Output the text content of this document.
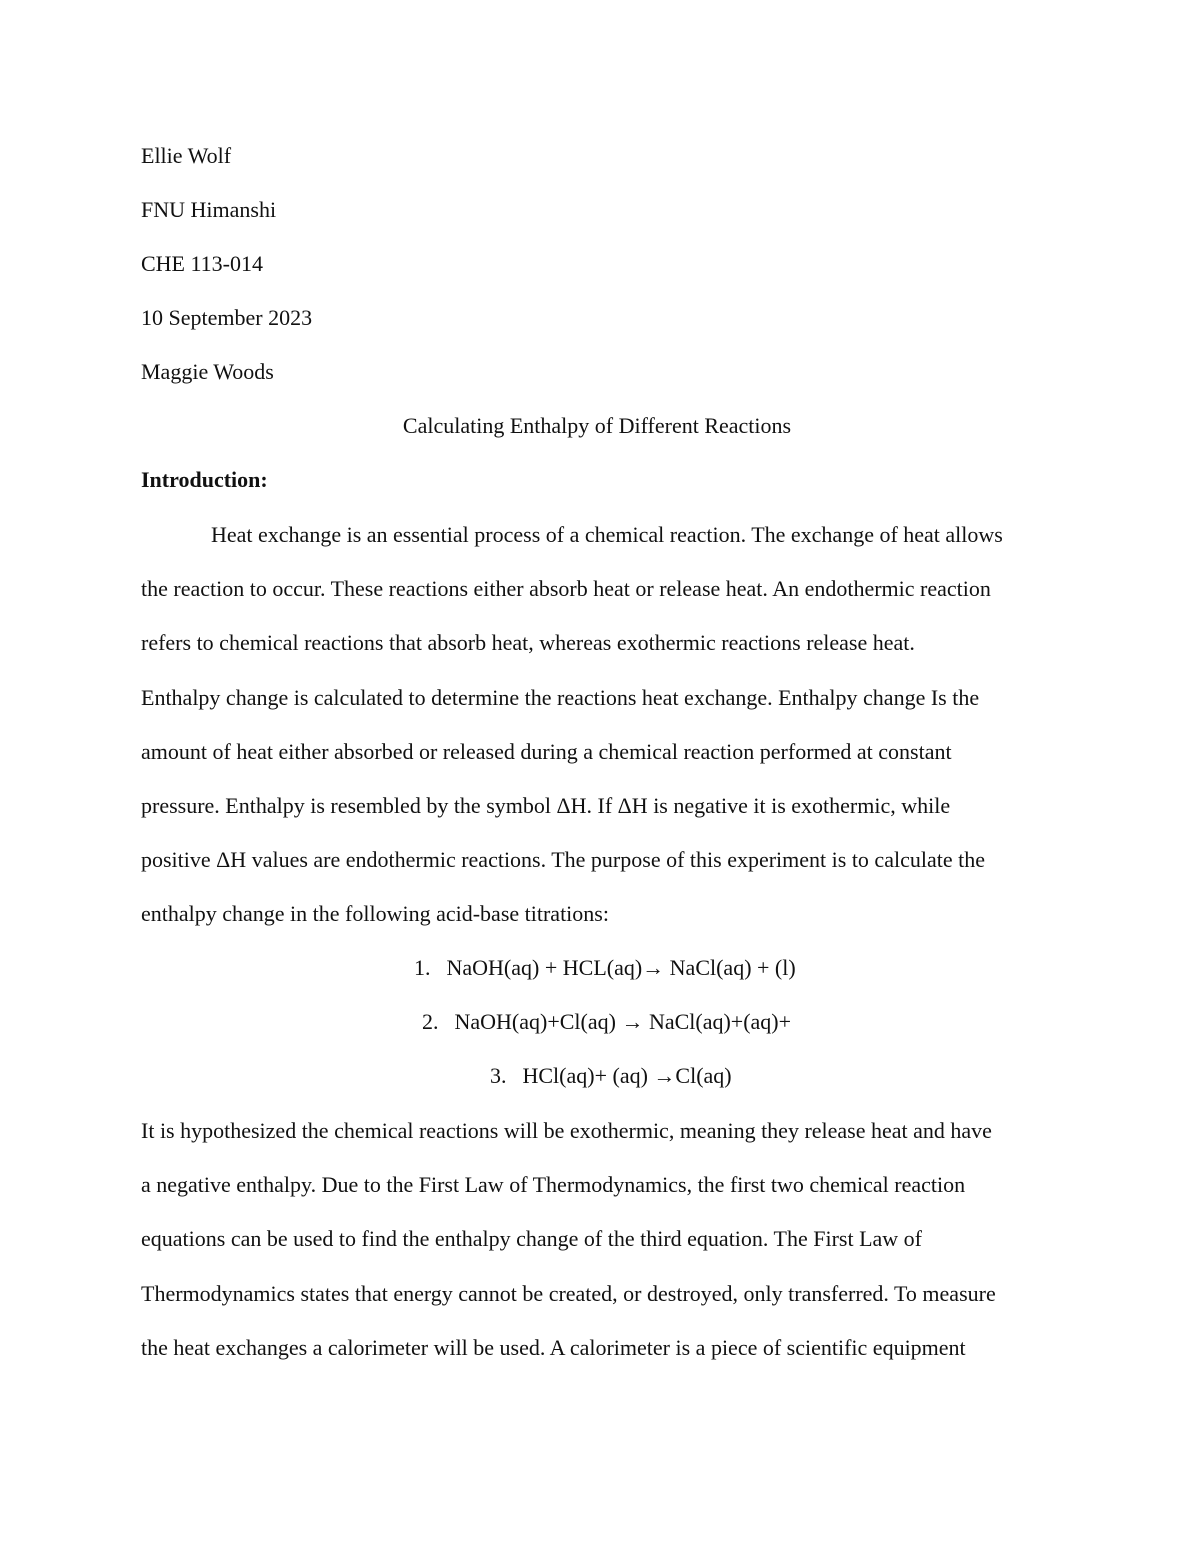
Ellie Wolf
FNU Himanshi
CHE 113-014
10 September 2023
Maggie Woods
Calculating Enthalpy of Different Reactions
Introduction:
Heat exchange is an essential process of a chemical reaction. The exchange of heat allows
the reaction to occur. These reactions either absorb heat or release heat. An endothermic reaction
refers to chemical reactions that absorb heat, whereas exothermic reactions release heat.
Enthalpy change is calculated to determine the reactions heat exchange. Enthalpy change Is the
amount of heat either absorbed or released during a chemical reaction performed at constant
pressure. Enthalpy is resembled by the symbol ΔH. If ΔH is negative it is exothermic, while
positive ΔH values are endothermic reactions. The purpose of this experiment is to calculate the
enthalpy change in the following acid-base titrations:
1. NaOH(aq) + HCL(aq)→ NaCl(aq) + (l)
2. NaOH(aq)+Cl(aq) → NaCl(aq)+(aq)+
3. HCl(aq)+ (aq) →Cl(aq)
It is hypothesized the chemical reactions will be exothermic, meaning they release heat and have
a negative enthalpy. Due to the First Law of Thermodynamics, the first two chemical reaction
equations can be used to find the enthalpy change of the third equation. The First Law of
Thermodynamics states that energy cannot be created, or destroyed, only transferred. To measure
the heat exchanges a calorimeter will be used. A calorimeter is a piece of scientific equipment
